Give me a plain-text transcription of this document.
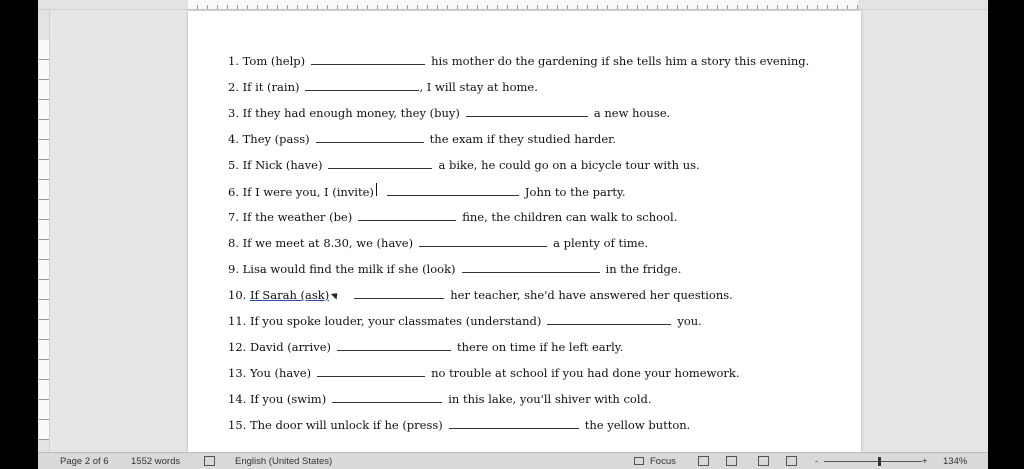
1. Tom (help)	his mother do the gardening if she tells him a story this evening.
2. If it (rain)	, I will stay at home.
3. If they had enough money, they (buy)	a new house.
4. They (pass)	the exam if they studied harder.
5. If Nick (have)	a bike, he could go on a bicycle tour with us.
6. If I were you, I (invite)	John to the party.
7. If the weather (be)	fine, the children can walk to school.
8. If we meet at 8.30, we (have)	a plenty of time.
9. Lisa would find the milk if she (look)	in the fridge.
10. If Sarah (ask)	her teacher, she'd have answered her questions.
11. If you spoke louder, your classmates (understand)	you.
12. David (arrive)	there on time if he left early.
13. You (have)	no trouble at school if you had done your homework.
14. If you (swim)	in this lake, you'll shiver with cold.
15. The door will unlock if he (press)	the yellow button.
Page 2 of 6 1552 words	English (United States)	Focus	-	+ 134%
